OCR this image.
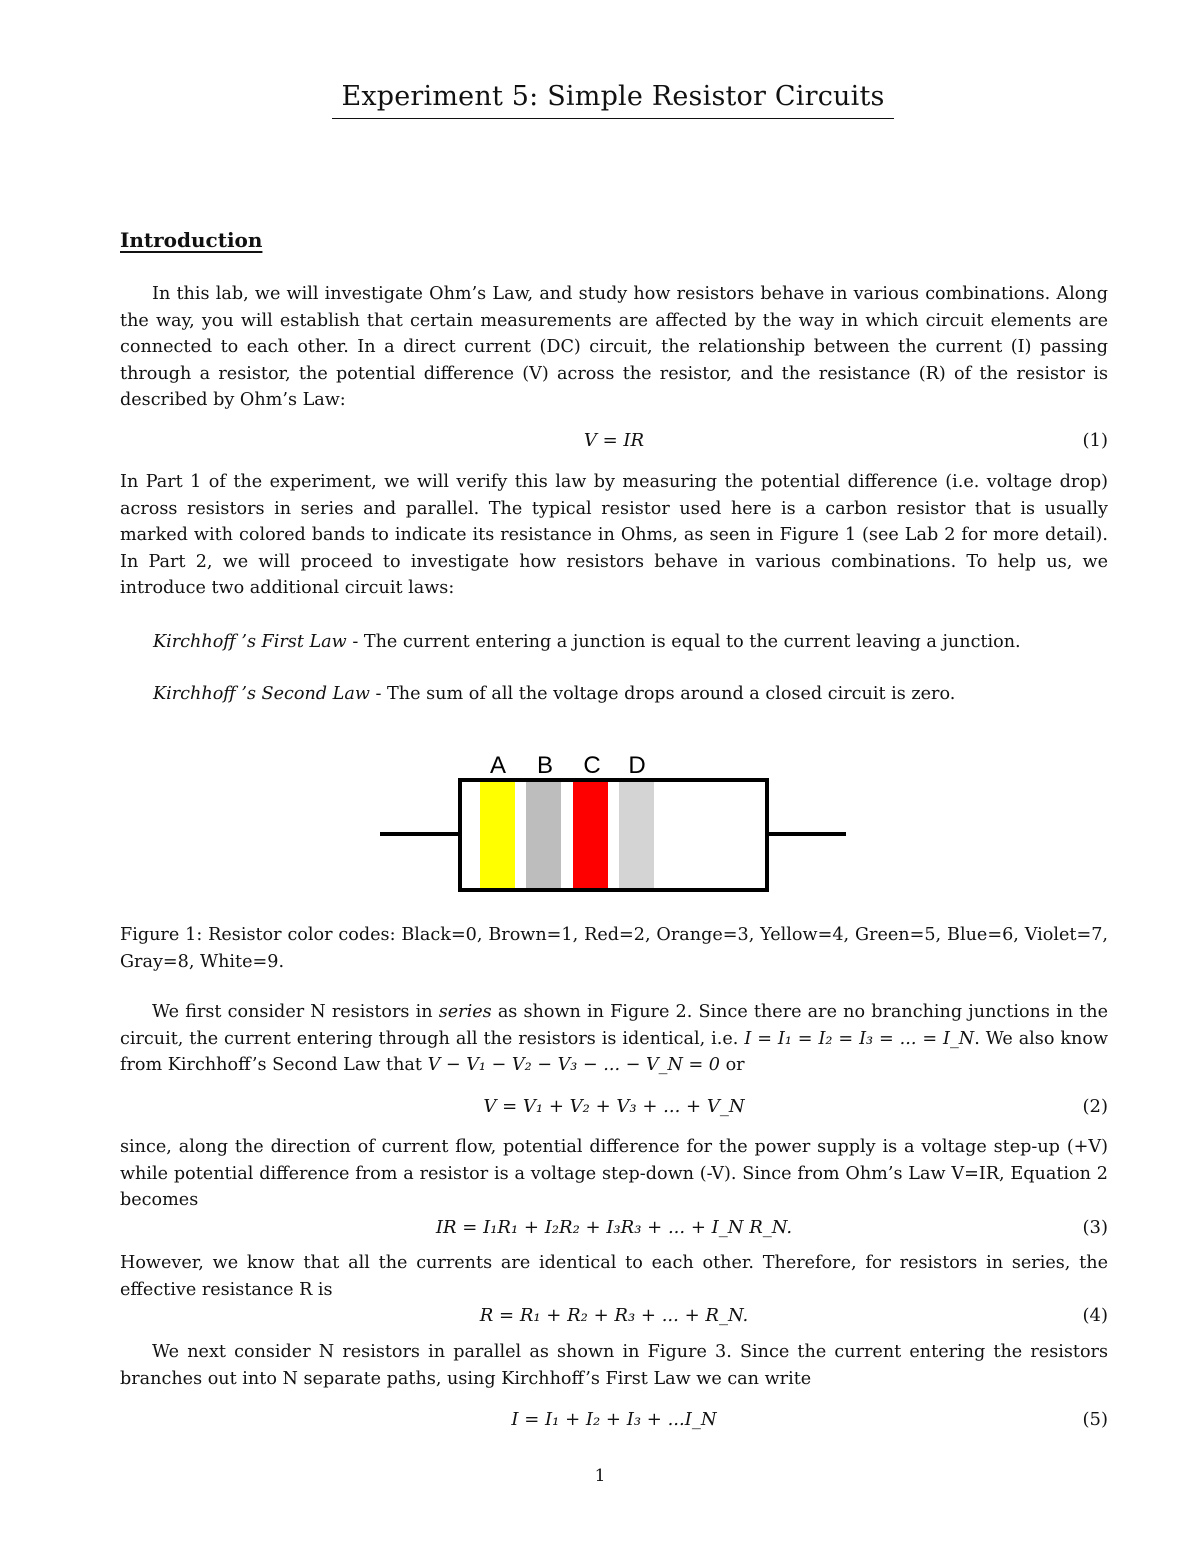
Experiment 5: Simple Resistor Circuits
Introduction

In this lab, we will investigate Ohm’s Law, and study how resistors behave in various combinations. Along the way, you will establish that certain measurements are affected by the way in which circuit elements are connected to each other. In a direct current (DC) circuit, the relationship between the current (I) passing through a resistor, the potential difference (V) across the resistor, and the resistance (R) of the resistor is described by Ohm’s Law:

V = IR	(1)

In Part 1 of the experiment, we will verify this law by measuring the potential difference (i.e. voltage drop) across resistors in series and parallel. The typical resistor used here is a carbon resistor that is usually marked with colored bands to indicate its resistance in Ohms, as seen in Figure 1 (see Lab 2 for more detail). In Part 2, we will proceed to investigate how resistors behave in various combinations. To help us, we introduce two additional circuit laws:

Kirchhoff ’s First Law - The current entering a junction is equal to the current leaving a junction.
Kirchhoff ’s Second Law - The sum of all the voltage drops around a closed circuit is zero.
A B C D

Figure 1: Resistor color codes: Black=0, Brown=1, Red=2, Orange=3, Yellow=4, Green=5, Blue=6, Violet=7, Gray=8, White=9.

We first consider N resistors in series as shown in Figure 2. Since there are no branching junctions in the circuit, the current entering through all the resistors is identical, i.e. I = I₁ = I₂ = I₃ = ... = I_N. We also know from Kirchhoff’s Second Law that V − V₁ − V₂ − V₃ − ... − V_N = 0 or

V = V₁ + V₂ + V₃ + ... + V_N	(2)

since, along the direction of current flow, potential difference for the power supply is a voltage step-up (+V) while potential difference from a resistor is a voltage step-down (-V). Since from Ohm’s Law V=IR, Equation 2 becomes

IR = I₁R₁ + I₂R₂ + I₃R₃ + ... + I_N R_N.	(3)

However, we know that all the currents are identical to each other. Therefore, for resistors in series, the effective resistance R is

R = R₁ + R₂ + R₃ + ... + R_N.	(4)

We next consider N resistors in parallel as shown in Figure 3. Since the current entering the resistors branches out into N separate paths, using Kirchhoff’s First Law we can write

I = I₁ + I₂ + I₃ + ...I_N	(5)
1
